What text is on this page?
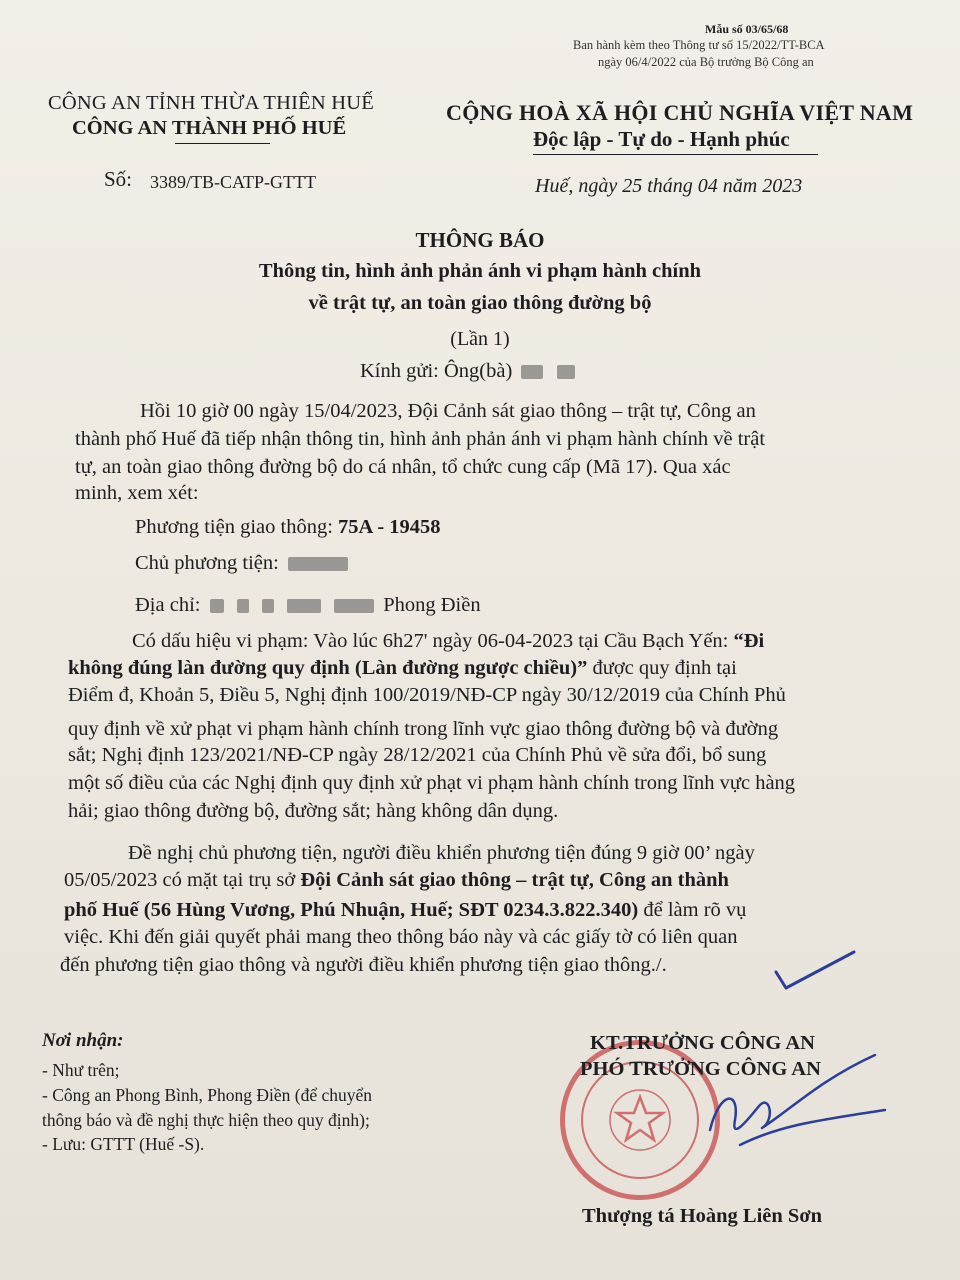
Mẫu số 03/65/68
Ban hành kèm theo Thông tư số 15/2022/TT-BCA
ngày 06/4/2022 của Bộ trưởng Bộ Công an
CÔNG AN TỈNH THỪA THIÊN HUẾ
CÔNG AN THÀNH PHỐ HUẾ
CỘNG HOÀ XÃ HỘI CHỦ NGHĨA VIỆT NAM
Độc lập - Tự do - Hạnh phúc
Số: 3389/TB-CATP-GTTT	Huế, ngày 25 tháng 04 năm 2023
THÔNG BÁO
Thông tin, hình ảnh phản ánh vi phạm hành chính
về trật tự, an toàn giao thông đường bộ
(Lần 1)
Kính gửi: Ông(bà)
Hồi 10 giờ 00 ngày 15/04/2023, Đội Cảnh sát giao thông – trật tự, Công an
thành phố Huế đã tiếp nhận thông tin, hình ảnh phản ánh vi phạm hành chính về trật
tự, an toàn giao thông đường bộ do cá nhân, tổ chức cung cấp (Mã 17). Qua xác
minh, xem xét:
Phương tiện giao thông: 75A - 19458
Chủ phương tiện:
Địa chỉ:	Phong Điền
Có dấu hiệu vi phạm: Vào lúc 6h27' ngày 06-04-2023 tại Cầu Bạch Yến: “Đi
không đúng làn đường quy định (Làn đường ngược chiều)” được quy định tại
Điểm đ, Khoản 5, Điều 5, Nghị định 100/2019/NĐ-CP ngày 30/12/2019 của Chính Phủ
quy định về xử phạt vi phạm hành chính trong lĩnh vực giao thông đường bộ và đường
sắt; Nghị định 123/2021/NĐ-CP ngày 28/12/2021 của Chính Phủ về sửa đổi, bổ sung
một số điều của các Nghị định quy định xử phạt vi phạm hành chính trong lĩnh vực hàng
hải; giao thông đường bộ, đường sắt; hàng không dân dụng.
Đề nghị chủ phương tiện, người điều khiển phương tiện đúng 9 giờ 00’ ngày
05/05/2023 có mặt tại trụ sở Đội Cảnh sát giao thông – trật tự, Công an thành
phố Huế (56 Hùng Vương, Phú Nhuận, Huế; SĐT 0234.3.822.340) để làm rõ vụ
việc. Khi đến giải quyết phải mang theo thông báo này và các giấy tờ có liên quan
đến phương tiện giao thông và người điều khiển phương tiện giao thông./.
Nơi nhận:
- Như trên;
- Công an Phong Bình, Phong Điền (để chuyển
thông báo và đề nghị thực hiện theo quy định);
- Lưu: GTTT (Huế -S).
KT.TRƯỞNG CÔNG AN
PHÓ TRƯỞNG CÔNG AN
Thượng tá Hoàng Liên Sơn
